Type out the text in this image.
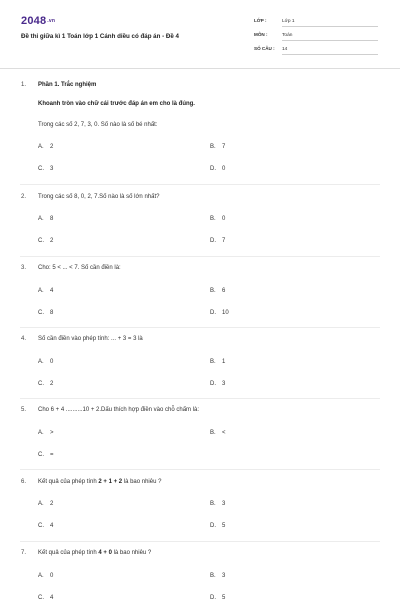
2048.vn
Đề thi giữa kì 1 Toán lớp 1 Cánh diều có đáp án - Đề 4
LỚP :	Lớp 1
MÔN :	Toán
SỐ CÂU : 14
1. Phần 1. Trắc nghiệm
Khoanh tròn vào chữ cái trước đáp án em cho là đúng.
Trong các số 2, 7, 3, 0. Số nào là số bé nhất:
A. 2	B. 7
C. 3	D. 0
2. Trong các số 8, 0, 2, 7.Số nào là số lớn nhất?
A. 8	B. 0
C. 2	D. 7
3. Cho: 5 < ... < 7. Số cần điền là:
A. 4	B. 6
C. 8	D. 10
4. Số cần điền vào phép tính: ... + 3 = 3 là
A. 0	B. 1
C. 2	D. 3
5. Cho 6 + 4 ..........10 + 2.Dấu thích hợp điền vào chỗ chấm là:
A. >	B. <
C. =
6. Kết quả của phép tính 2 + 1 + 2 là bao nhiêu ?
A. 2	B. 3
C. 4	D. 5
7. Kết quả của phép tính 4 + 0 là bao nhiêu ?
A. 0	B. 3
C. 4	D. 5
